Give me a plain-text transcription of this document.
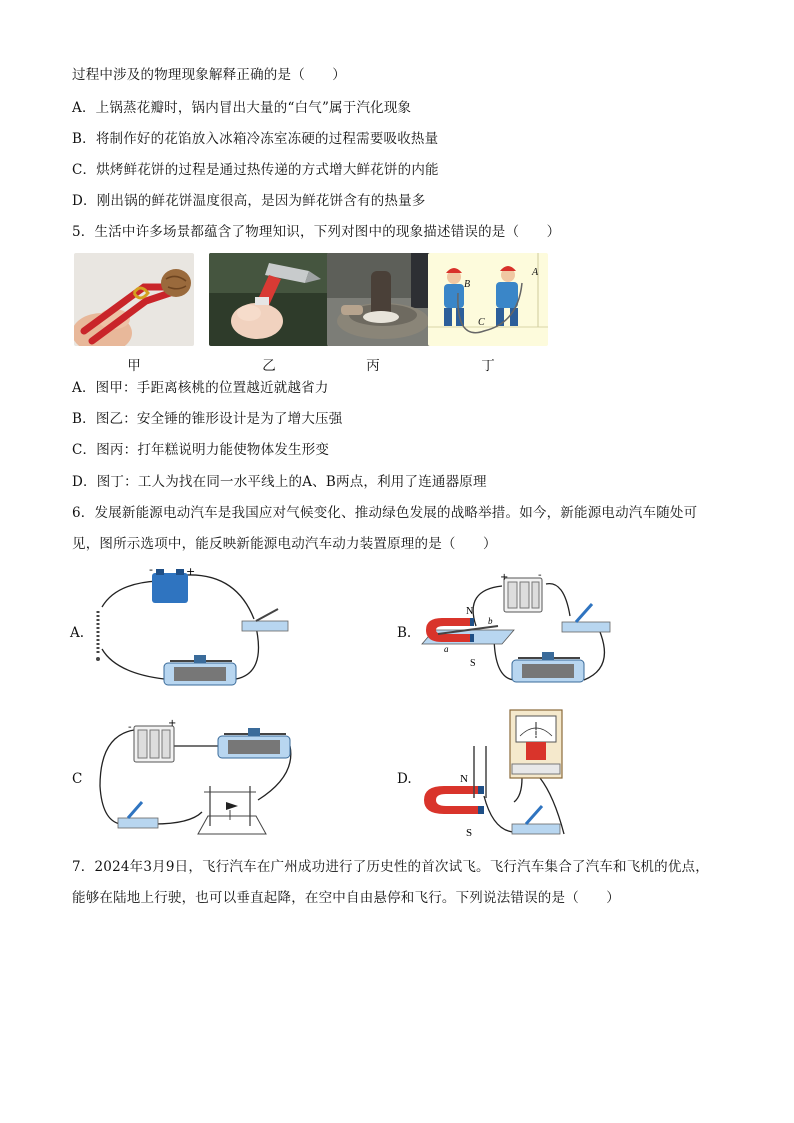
过程中涉及的物理现象解释正确的是（　　）
A．上锅蒸花瓣时，锅内冒出大量的“白气”属于汽化现象
B．将制作好的花馅放入冰箱冷冻室冻硬的过程需要吸收热量
C．烘烤鲜花饼的过程是通过热传递的方式增大鲜花饼的内能
D．刚出锅的鲜花饼温度很高，是因为鲜花饼含有的热量多
5．生活中许多场景都蕴含了物理知识，下列对图中的现象描述错误的是（　　）
B
A
C
甲	乙	丙	丁
A．图甲：手距离核桃的位置越近就越省力
B．图乙：安全锤的锥形设计是为了增大压强
C．图丙：打年糕说明力能使物体发生形变
D．图丁：工人为找在同一水平线上的A、B两点，利用了连通器原理
6．发展新能源电动汽车是我国应对气候变化、推动绿色发展的战略举措。如今，新能源电动汽车随处可
见，图所示选项中，能反映新能源电动汽车动力装置原理的是（　　）
A.
-	+
B.
+	-
N
S
b
a
C
-	+
D.
G
N
S
7．2024年3月9日，飞行汽车在广州成功进行了历史性的首次试飞。飞行汽车集合了汽车和飞机的优点，
能够在陆地上行驶，也可以垂直起降，在空中自由悬停和飞行。下列说法错误的是（　　）
